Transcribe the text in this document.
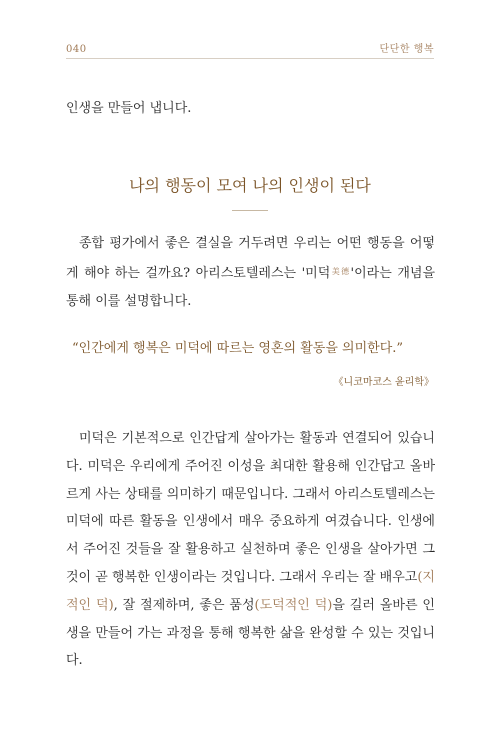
040	단단한 행복
인생을 만들어 냅니다.
나의 행동이 모여 나의 인생이 된다
종합 평가에서 좋은 결실을 거두려면 우리는 어떤 행동을 어떻게 해야 하는 걸까요? 아리스토텔레스는 '미덕$^{美德}$'이라는 개념을 통해 이를 설명합니다.
“인간에게 행복은 미덕에 따르는 영혼의 활동을 의미한다.”
《니코마코스 윤리학》
미덕은 기본적으로 인간답게 살아가는 활동과 연결되어 있습니다. 미덕은 우리에게 주어진 이성을 최대한 활용해 인간답고 올바르게 사는 상태를 의미하기 때문입니다. 그래서 아리스토텔레스는 미덕에 따른 활동을 인생에서 매우 중요하게 여겼습니다. 인생에서 주어진 것들을 잘 활용하고 실천하며 좋은 인생을 살아가면 그것이 곧 행복한 인생이라는 것입니다. 그래서 우리는 잘 배우고(지적인 덕), 잘 절제하며, 좋은 품성(도덕적인 덕)을 길러 올바른 인생을 만들어 가는 과정을 통해 행복한 삶을 완성할 수 있는 것입니다.
